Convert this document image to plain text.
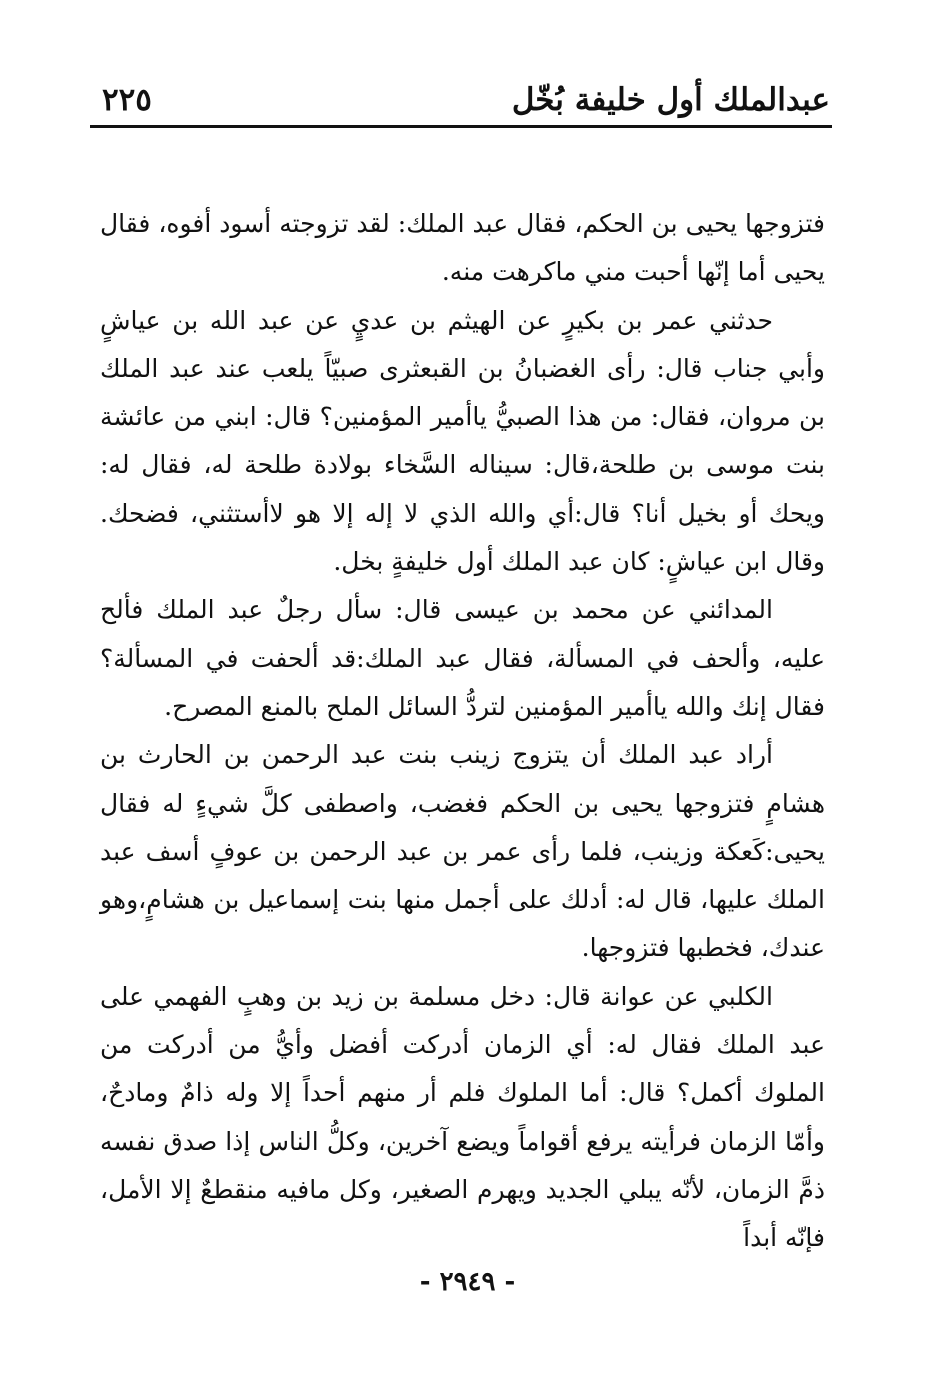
عبدالملك أول خليفة بُخّل
٢٢٥

فتزوجها يحيى بن الحكم، فقال عبد الملك: لقد تزوجته أسود أفوه، فقال يحيى أما إنّها أحبت مني ماكرهت منه.

حدثني عمر بن بكيرٍ عن الهيثم بن عديٍ عن عبد الله بن عياشٍ وأبي جناب قال: رأى الغضبانُ بن القبعثرى صبيّاً يلعب عند عبد الملك بن مروان، فقال: من هذا الصبيُّ ياأمير المؤمنين؟ قال: ابني من عائشة بنت موسى بن طلحة،قال: سيناله السَّخاء بولادة طلحة له، فقال له: ويحك أو بخيل أنا؟ قال:أي والله الذي لا إله إلا هو لاأستثني، فضحك. وقال ابن عياشٍ: كان عبد الملك أول خليفةٍ بخل.

المدائني عن محمد بن عيسى قال: سأل رجلٌ عبد الملك فألح عليه، وألحف في المسألة، فقال عبد الملك:قد ألحفت في المسألة؟ فقال إنك والله ياأمير المؤمنين لتردُّ السائل الملح بالمنع المصرح.

أراد عبد الملك أن يتزوج زينب بنت عبد الرحمن بن الحارث بن هشامٍ فتزوجها يحيى بن الحكم فغضب، واصطفى كلَّ شيءٍ له فقال يحيى:كَعكة وزينب، فلما رأى عمر بن عبد الرحمن بن عوفٍ أسف عبد الملك عليها، قال له: أدلك على أجمل منها بنت إسماعيل بن هشامٍ،وهو عندك، فخطبها فتزوجها.

الكلبي عن عوانة قال: دخل مسلمة بن زيد بن وهبٍ الفهمي على عبد الملك فقال له: أي الزمان أدركت أفضل وأيُّ من أدركت من الملوك أكمل؟ قال: أما الملوك فلم أر منهم أحداً إلا وله ذامٌ ومادحٌ، وأمّا الزمان فرأيته يرفع أقواماً ويضع آخرين، وكلُّ الناس إذا صدق نفسه ذمَّ الزمان، لأنّه يبلي الجديد ويهرم الصغير، وكل مافيه منقطعٌ إلا الأمل، فإنّه أبداً

- ٢٩٤٩ -
